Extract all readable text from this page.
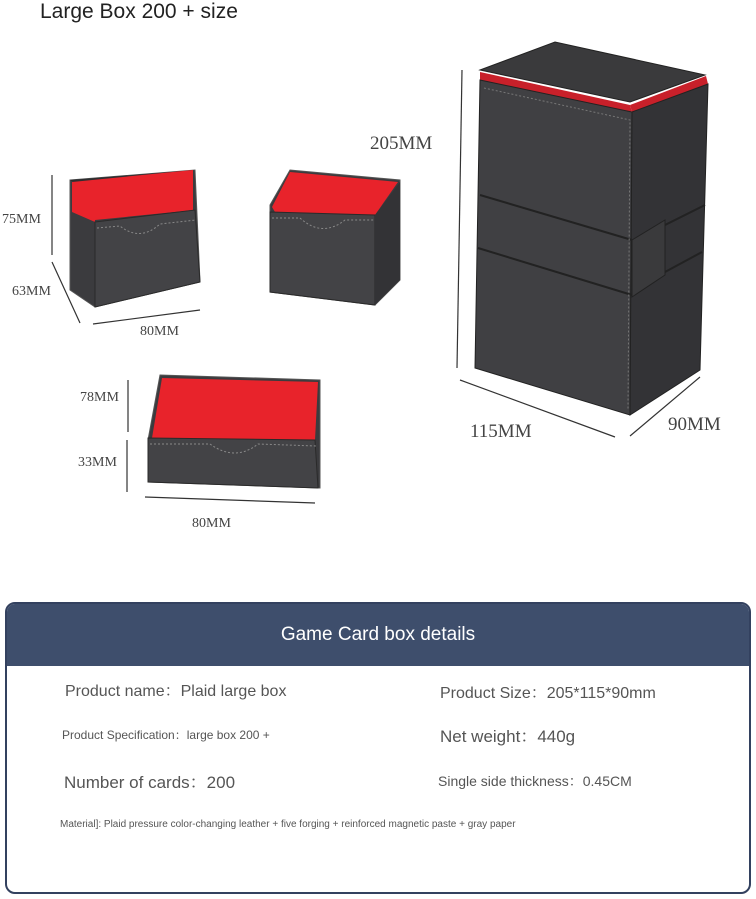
Large Box 200 + size
75MM
63MM
80MM
78MM
33MM
80MM
205MM
115MM	90MM
Game Card box details
Product name：Plaid large box	Product Size：205*115*90mm
Product Specification：large box 200 +	Net weight：440g
Number of cards：200	Single side thickness：0.45CM
Material]: Plaid pressure color-changing leather + five forging + reinforced magnetic paste + gray paper
